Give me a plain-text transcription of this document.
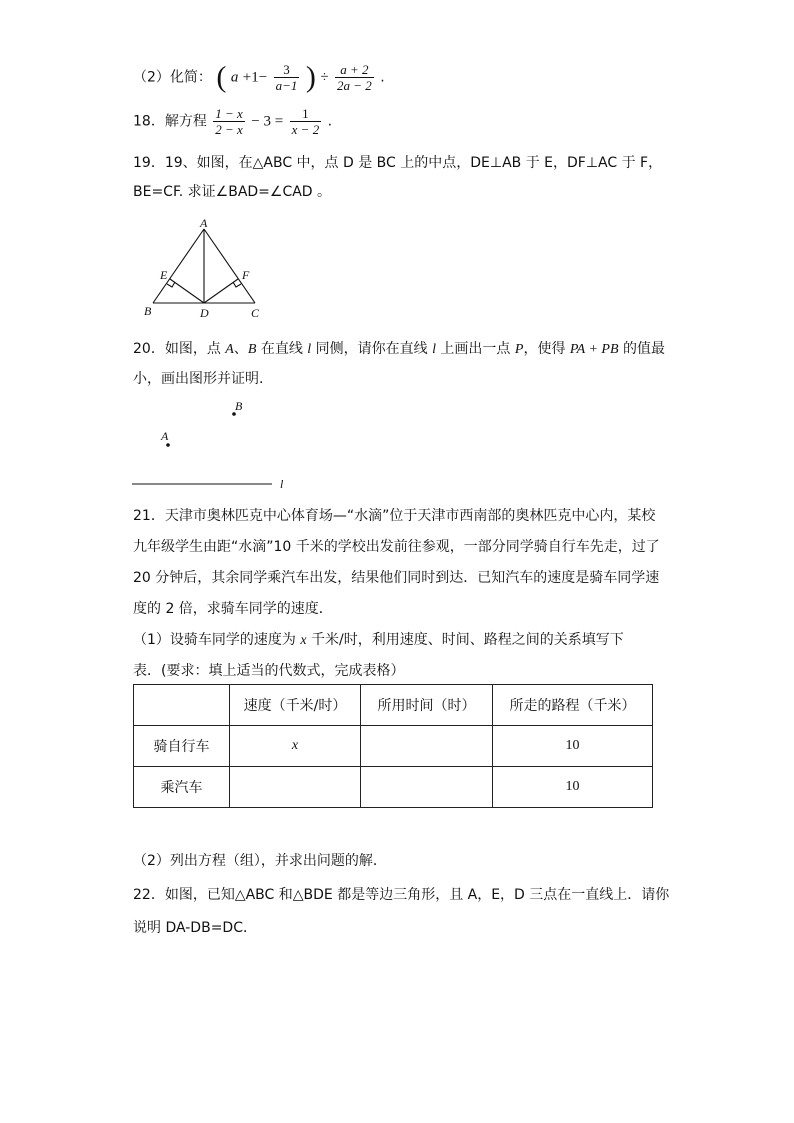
（2）化简： ( $a +1- \frac{3}{a-1}$ ) ÷ $\frac{a + 2}{2a - 2}$ .
18．解方程 $\frac{1 - x}{2 - x} - 3 = \frac{1}{x - 2}$ .
19．19、如图，在△ABC 中，点 D 是 BC 上的中点，DE⊥AB 于 E，DF⊥AC 于 F，
BE=CF. 求证∠BAD=∠CAD 。
A
B	D	C
E	F
20．如图，点 A、B 在直线 l 同侧，请你在直线 l 上画出一点 P，使得 PA + PB 的值最
小，画出图形并证明.
B
A
l
21．天津市奥林匹克中心体育场—“水滴”位于天津市西南部的奥林匹克中心内，某校
九年级学生由距“水滴”10 千米的学校出发前往参观，一部分同学骑自行车先走，过了
20 分钟后，其余同学乘汽车出发，结果他们同时到达．已知汽车的速度是骑车同学速
度的 2 倍，求骑车同学的速度．
（1）设骑车同学的速度为 x 千米/时，利用速度、时间、路程之间的关系填写下
表．(要求：填上适当的代数式，完成表格）
	速度（千米/时）	所用时间（时）	所走的路程（千米）
骑自行车	x		10
乘汽车			10
（2）列出方程（组），并求出问题的解．
22．如图，已知△ABC 和△BDE 都是等边三角形，且 A，E，D 三点在一直线上．请你
说明 DA-DB=DC．
